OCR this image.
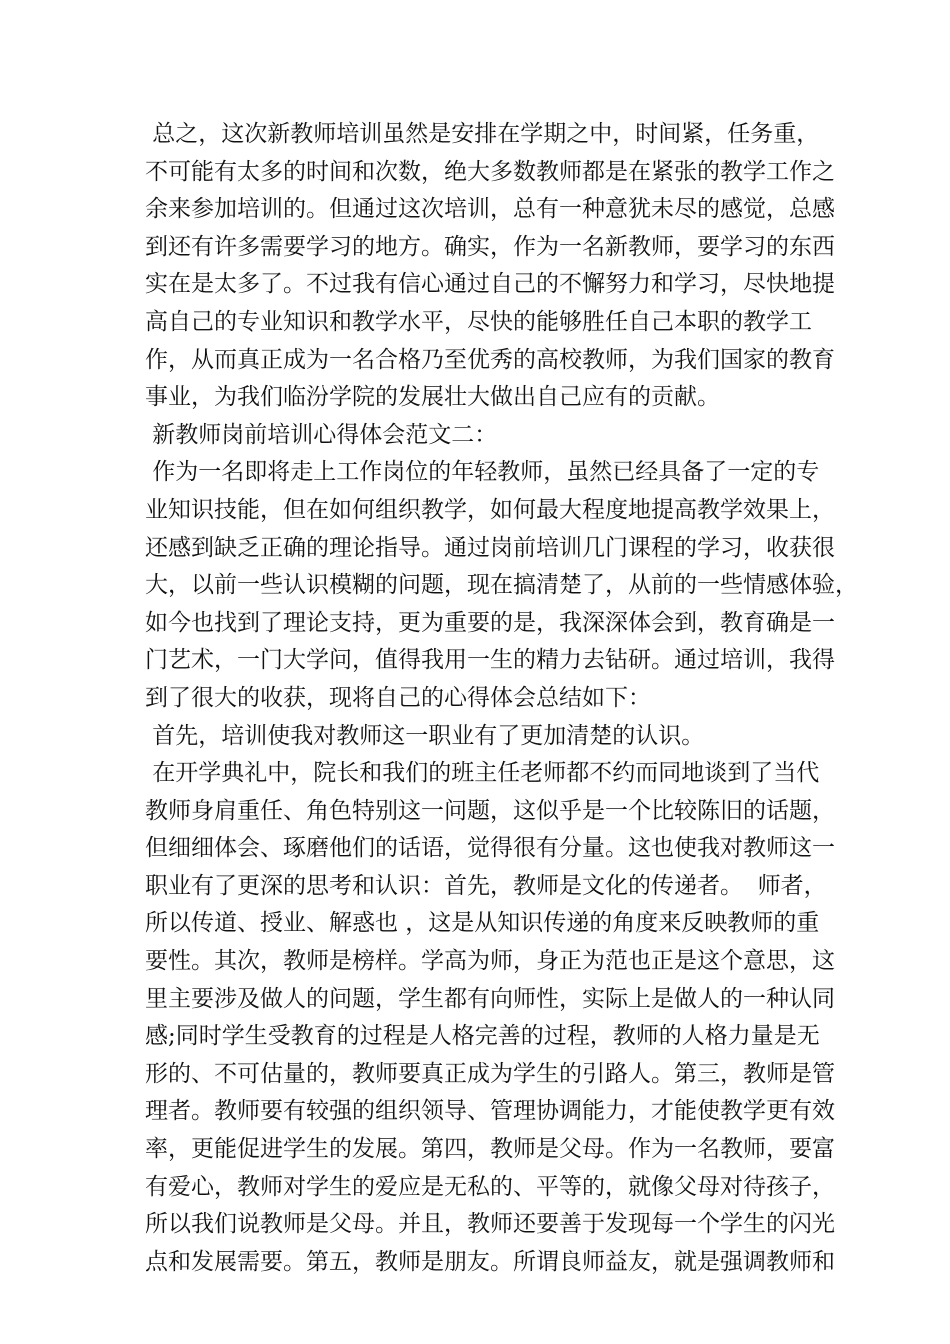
总之，这次新教师培训虽然是安排在学期之中，时间紧，任务重，
不可能有太多的时间和次数，绝大多数教师都是在紧张的教学工作之
余来参加培训的。但通过这次培训，总有一种意犹未尽的感觉，总感
到还有许多需要学习的地方。确实，作为一名新教师，要学习的东西
实在是太多了。不过我有信心通过自己的不懈努力和学习，尽快地提
高自己的专业知识和教学水平，尽快的能够胜任自己本职的教学工
作，从而真正成为一名合格乃至优秀的高校教师，为我们国家的教育
事业，为我们临汾学院的发展壮大做出自己应有的贡献。
新教师岗前培训心得体会范文二：
作为一名即将走上工作岗位的年轻教师，虽然已经具备了一定的专
业知识技能，但在如何组织教学，如何最大程度地提高教学效果上，
还感到缺乏正确的理论指导。通过岗前培训几门课程的学习，收获很
大，以前一些认识模糊的问题，现在搞清楚了，从前的一些情感体验，
如今也找到了理论支持，更为重要的是，我深深体会到，教育确是一
门艺术，一门大学问，值得我用一生的精力去钻研。通过培训，我得
到了很大的收获，现将自己的心得体会总结如下：
首先，培训使我对教师这一职业有了更加清楚的认识。
在开学典礼中，院长和我们的班主任老师都不约而同地谈到了当代
教师身肩重任、角色特别这一问题，这似乎是一个比较陈旧的话题，
但细细体会、琢磨他们的话语，觉得很有分量。这也使我对教师这一
职业有了更深的思考和认识：首先，教师是文化的传递者。  师者，
所以传道、授业、解惑也 ，这是从知识传递的角度来反映教师的重
要性。其次，教师是榜样。学高为师，身正为范也正是这个意思，这
里主要涉及做人的问题，学生都有向师性，实际上是做人的一种认同
感;同时学生受教育的过程是人格完善的过程，教师的人格力量是无
形的、不可估量的，教师要真正成为学生的引路人。第三，教师是管
理者。教师要有较强的组织领导、管理协调能力，才能使教学更有效
率，更能促进学生的发展。第四，教师是父母。作为一名教师，要富
有爱心，教师对学生的爱应是无私的、平等的，就像父母对待孩子，
所以我们说教师是父母。并且，教师还要善于发现每一个学生的闪光
点和发展需要。第五，教师是朋友。所谓良师益友，就是强调教师和
